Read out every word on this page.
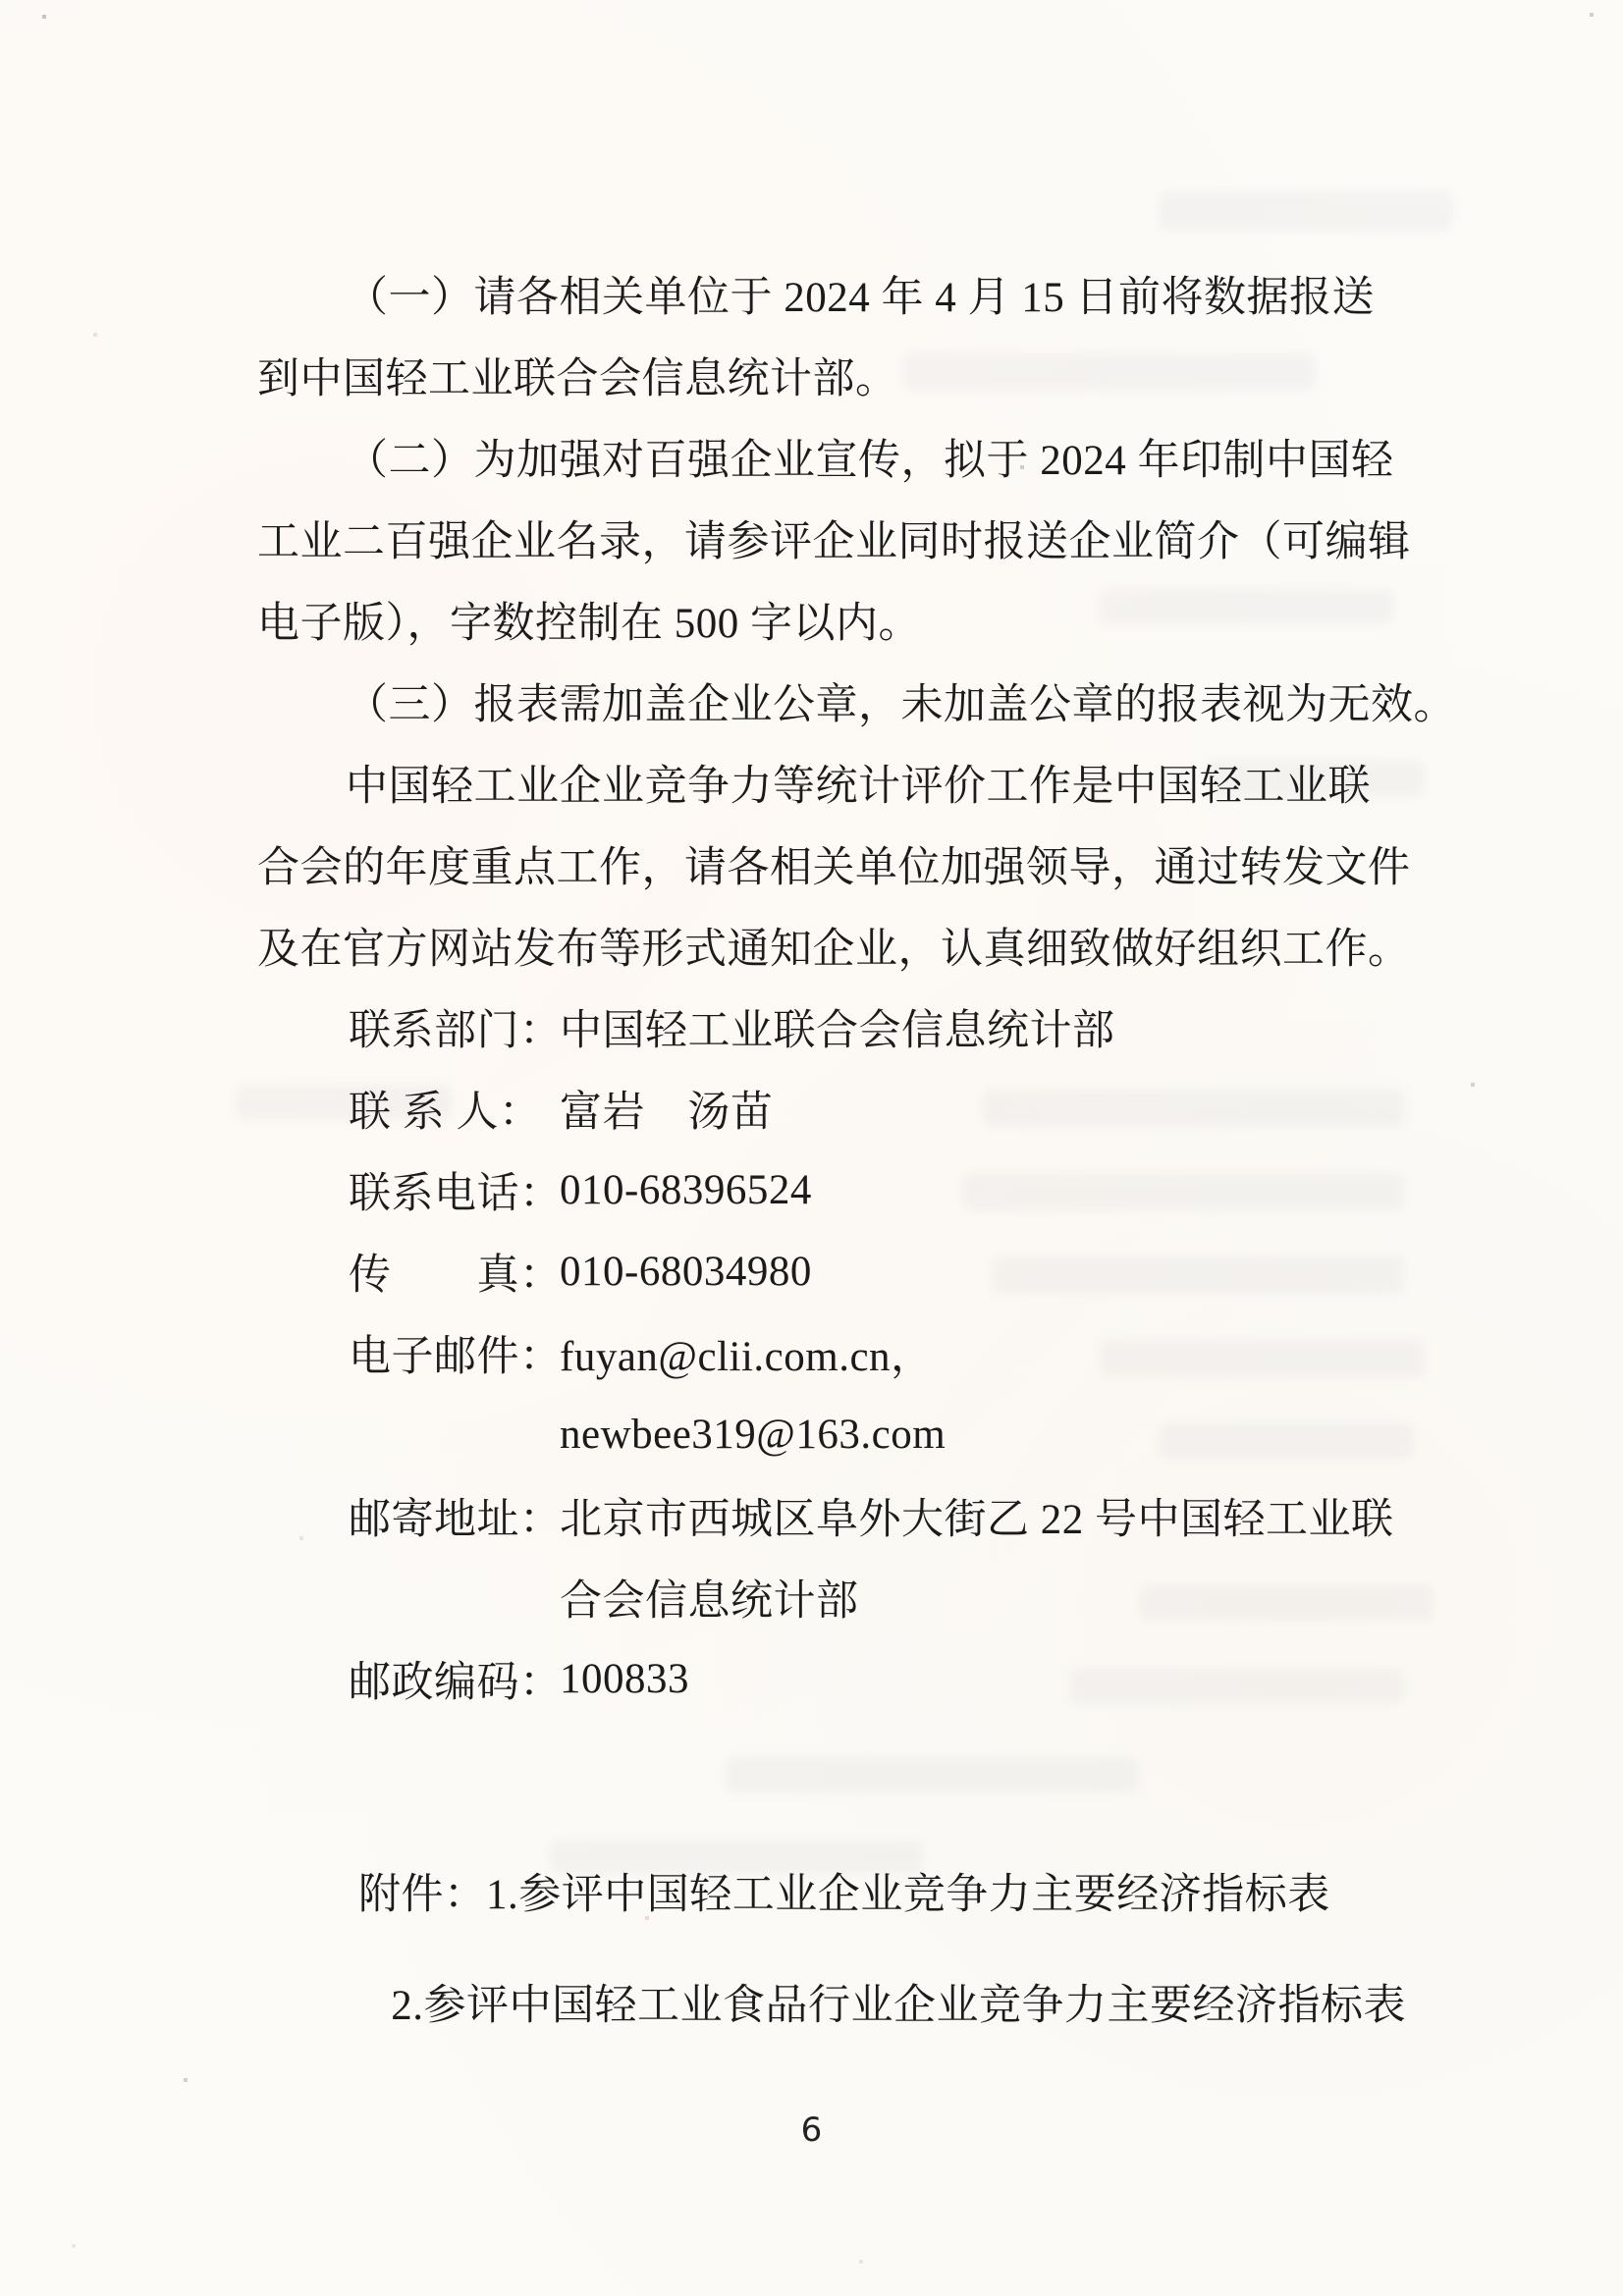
（一）请各相关单位于 2024 年 4 月 15 日前将数据报送

到中国轻工业联合会信息统计部。

（二）为加强对百强企业宣传，拟于 2024 年印制中国轻

工业二百强企业名录，请参评企业同时报送企业简介（可编辑

电子版），字数控制在 500 字以内。

（三）报表需加盖企业公章，未加盖公章的报表视为无效。

中国轻工业企业竞争力等统计评价工作是中国轻工业联

合会的年度重点工作，请各相关单位加强领导，通过转发文件

及在官方网站发布等形式通知企业，认真细致做好组织工作。

联系部门：
中国轻工业联合会信息统计部
联 系 人： 富岩　汤苗
联系电话：
010-68396524
传　　真：
010-68034980
电子邮件：
fuyan@clii.com.cn，
newbee319@163.com
邮寄地址：
北京市西城区阜外大街乙 22 号中国轻工业联
合会信息统计部
邮政编码：
100833
附件： 1.参评中国轻工业企业竞争力主要经济指标表
2.参评中国轻工业食品行业企业竞争力主要经济指标表
6
